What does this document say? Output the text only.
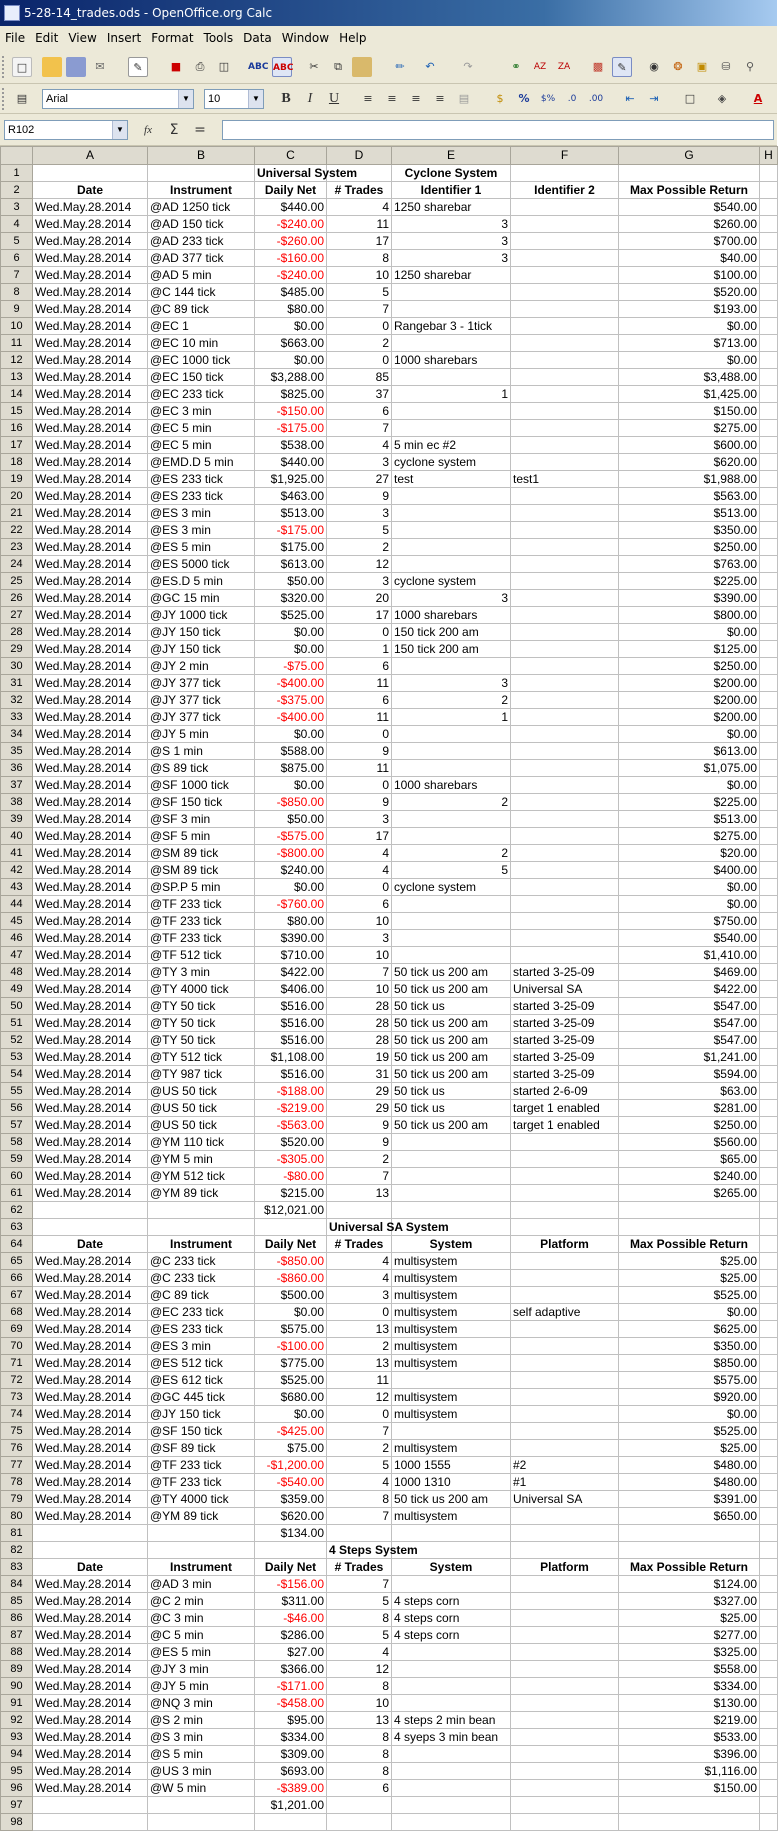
5-28-14_trades.ods - OpenOffice.org Calc
File Edit View Insert Format Tools Data Window Help
□	✉	✎	■	⎙	◫	ABC ABC	✂	⧉	✏	↶	↷	⚭	AZ	ZA	▩	✎	◉	❂	▣	⛁	⚲
▤	Arial	▼	10	▼	B	I	U	≡	≡	≡	≡	▤	$	%	$%	.0	.00	⇤	⇥	□	◈	A
R102	▼	fx	Σ	=
	A	B	C	D	E	F	G	H
1			Universal System		Cyclone System			
2	Date	Instrument	Daily Net	# Trades	Identifier 1	Identifier 2	Max Possible Return	
3	Wed.May.28.2014	@AD 1250 tick	$440.00	4	1250 sharebar		$540.00	
4	Wed.May.28.2014	@AD 150 tick	-$240.00	11	3		$260.00	
5	Wed.May.28.2014	@AD 233 tick	-$260.00	17	3		$700.00	
6	Wed.May.28.2014	@AD 377 tick	-$160.00	8	3		$40.00	
7	Wed.May.28.2014	@AD 5 min	-$240.00	10	1250 sharebar		$100.00	
8	Wed.May.28.2014	@C 144 tick	$485.00	5			$520.00	
9	Wed.May.28.2014	@C 89 tick	$80.00	7			$193.00	
10	Wed.May.28.2014	@EC 1	$0.00	0	Rangebar 3 - 1tick		$0.00	
11	Wed.May.28.2014	@EC 10 min	$663.00	2			$713.00	
12	Wed.May.28.2014	@EC 1000 tick	$0.00	0	1000 sharebars		$0.00	
13	Wed.May.28.2014	@EC 150 tick	$3,288.00	85			$3,488.00	
14	Wed.May.28.2014	@EC 233 tick	$825.00	37	1		$1,425.00	
15	Wed.May.28.2014	@EC 3 min	-$150.00	6			$150.00	
16	Wed.May.28.2014	@EC 5 min	-$175.00	7			$275.00	
17	Wed.May.28.2014	@EC 5 min	$538.00	4	5 min ec #2		$600.00	
18	Wed.May.28.2014	@EMD.D 5 min	$440.00	3	cyclone system		$620.00	
19	Wed.May.28.2014	@ES 233 tick	$1,925.00	27	test	test1	$1,988.00	
20	Wed.May.28.2014	@ES 233 tick	$463.00	9			$563.00	
21	Wed.May.28.2014	@ES 3 min	$513.00	3			$513.00	
22	Wed.May.28.2014	@ES 3 min	-$175.00	5			$350.00	
23	Wed.May.28.2014	@ES 5 min	$175.00	2			$250.00	
24	Wed.May.28.2014	@ES 5000 tick	$613.00	12			$763.00	
25	Wed.May.28.2014	@ES.D 5 min	$50.00	3	cyclone system		$225.00	
26	Wed.May.28.2014	@GC 15 min	$320.00	20	3		$390.00	
27	Wed.May.28.2014	@JY 1000 tick	$525.00	17	1000 sharebars		$800.00	
28	Wed.May.28.2014	@JY 150 tick	$0.00	0	150 tick 200 am		$0.00	
29	Wed.May.28.2014	@JY 150 tick	$0.00	1	150 tick 200 am		$125.00	
30	Wed.May.28.2014	@JY 2 min	-$75.00	6			$250.00	
31	Wed.May.28.2014	@JY 377 tick	-$400.00	11	3		$200.00	
32	Wed.May.28.2014	@JY 377 tick	-$375.00	6	2		$200.00	
33	Wed.May.28.2014	@JY 377 tick	-$400.00	11	1		$200.00	
34	Wed.May.28.2014	@JY 5 min	$0.00	0			$0.00	
35	Wed.May.28.2014	@S 1 min	$588.00	9			$613.00	
36	Wed.May.28.2014	@S 89 tick	$875.00	11			$1,075.00	
37	Wed.May.28.2014	@SF 1000 tick	$0.00	0	1000 sharebars		$0.00	
38	Wed.May.28.2014	@SF 150 tick	-$850.00	9	2		$225.00	
39	Wed.May.28.2014	@SF 3 min	$50.00	3			$513.00	
40	Wed.May.28.2014	@SF 5 min	-$575.00	17			$275.00	
41	Wed.May.28.2014	@SM 89 tick	-$800.00	4	2		$20.00	
42	Wed.May.28.2014	@SM 89 tick	$240.00	4	5		$400.00	
43	Wed.May.28.2014	@SP.P 5 min	$0.00	0	cyclone system		$0.00	
44	Wed.May.28.2014	@TF 233 tick	-$760.00	6			$0.00	
45	Wed.May.28.2014	@TF 233 tick	$80.00	10			$750.00	
46	Wed.May.28.2014	@TF 233 tick	$390.00	3			$540.00	
47	Wed.May.28.2014	@TF 512 tick	$710.00	10			$1,410.00	
48	Wed.May.28.2014	@TY 3 min	$422.00	7	50 tick us 200 am	started 3-25-09	$469.00	
49	Wed.May.28.2014	@TY 4000 tick	$406.00	10	50 tick us 200 am	Universal SA	$422.00	
50	Wed.May.28.2014	@TY 50 tick	$516.00	28	50 tick us	started 3-25-09	$547.00	
51	Wed.May.28.2014	@TY 50 tick	$516.00	28	50 tick us 200 am	started 3-25-09	$547.00	
52	Wed.May.28.2014	@TY 50 tick	$516.00	28	50 tick us 200 am	started 3-25-09	$547.00	
53	Wed.May.28.2014	@TY 512 tick	$1,108.00	19	50 tick us 200 am	started 3-25-09	$1,241.00	
54	Wed.May.28.2014	@TY 987 tick	$516.00	31	50 tick us 200 am	started 3-25-09	$594.00	
55	Wed.May.28.2014	@US 50 tick	-$188.00	29	50 tick us	started 2-6-09	$63.00	
56	Wed.May.28.2014	@US 50 tick	-$219.00	29	50 tick us	target 1 enabled	$281.00	
57	Wed.May.28.2014	@US 50 tick	-$563.00	9	50 tick us 200 am	target 1 enabled	$250.00	
58	Wed.May.28.2014	@YM 110 tick	$520.00	9			$560.00	
59	Wed.May.28.2014	@YM 5 min	-$305.00	2			$65.00	
60	Wed.May.28.2014	@YM 512 tick	-$80.00	7			$240.00	
61	Wed.May.28.2014	@YM 89 tick	$215.00	13			$265.00	
62			$12,021.00					
63				Universal SA System				
64	Date	Instrument	Daily Net	# Trades	System	Platform	Max Possible Return	
65	Wed.May.28.2014	@C 233 tick	-$850.00	4	multisystem		$25.00	
66	Wed.May.28.2014	@C 233 tick	-$860.00	4	multisystem		$25.00	
67	Wed.May.28.2014	@C 89 tick	$500.00	3	multisystem		$525.00	
68	Wed.May.28.2014	@EC 233 tick	$0.00	0	multisystem	self adaptive	$0.00	
69	Wed.May.28.2014	@ES 233 tick	$575.00	13	multisystem		$625.00	
70	Wed.May.28.2014	@ES 3 min	-$100.00	2	multisystem		$350.00	
71	Wed.May.28.2014	@ES 512 tick	$775.00	13	multisystem		$850.00	
72	Wed.May.28.2014	@ES 612 tick	$525.00	11			$575.00	
73	Wed.May.28.2014	@GC 445 tick	$680.00	12	multisystem		$920.00	
74	Wed.May.28.2014	@JY 150 tick	$0.00	0	multisystem		$0.00	
75	Wed.May.28.2014	@SF 150 tick	-$425.00	7			$525.00	
76	Wed.May.28.2014	@SF 89 tick	$75.00	2	multisystem		$25.00	
77	Wed.May.28.2014	@TF 233 tick	-$1,200.00	5	1000 1555	#2	$480.00	
78	Wed.May.28.2014	@TF 233 tick	-$540.00	4	1000 1310	#1	$480.00	
79	Wed.May.28.2014	@TY 4000 tick	$359.00	8	50 tick us 200 am	Universal SA	$391.00	
80	Wed.May.28.2014	@YM 89 tick	$620.00	7	multisystem		$650.00	
81			$134.00					
82				4 Steps System				
83	Date	Instrument	Daily Net	# Trades	System	Platform	Max Possible Return	
84	Wed.May.28.2014	@AD 3 min	-$156.00	7			$124.00	
85	Wed.May.28.2014	@C 2 min	$311.00	5	4 steps corn		$327.00	
86	Wed.May.28.2014	@C 3 min	-$46.00	8	4 steps corn		$25.00	
87	Wed.May.28.2014	@C 5 min	$286.00	5	4 steps corn		$277.00	
88	Wed.May.28.2014	@ES 5 min	$27.00	4			$325.00	
89	Wed.May.28.2014	@JY 3 min	$366.00	12			$558.00	
90	Wed.May.28.2014	@JY 5 min	-$171.00	8			$334.00	
91	Wed.May.28.2014	@NQ 3 min	-$458.00	10			$130.00	
92	Wed.May.28.2014	@S 2 min	$95.00	13	4 steps 2 min bean		$219.00	
93	Wed.May.28.2014	@S 3 min	$334.00	8	4 syeps 3 min bean		$533.00	
94	Wed.May.28.2014	@S 5 min	$309.00	8			$396.00	
95	Wed.May.28.2014	@US 3 min	$693.00	8			$1,116.00	
96	Wed.May.28.2014	@W 5 min	-$389.00	6			$150.00	
97			$1,201.00					
98								
